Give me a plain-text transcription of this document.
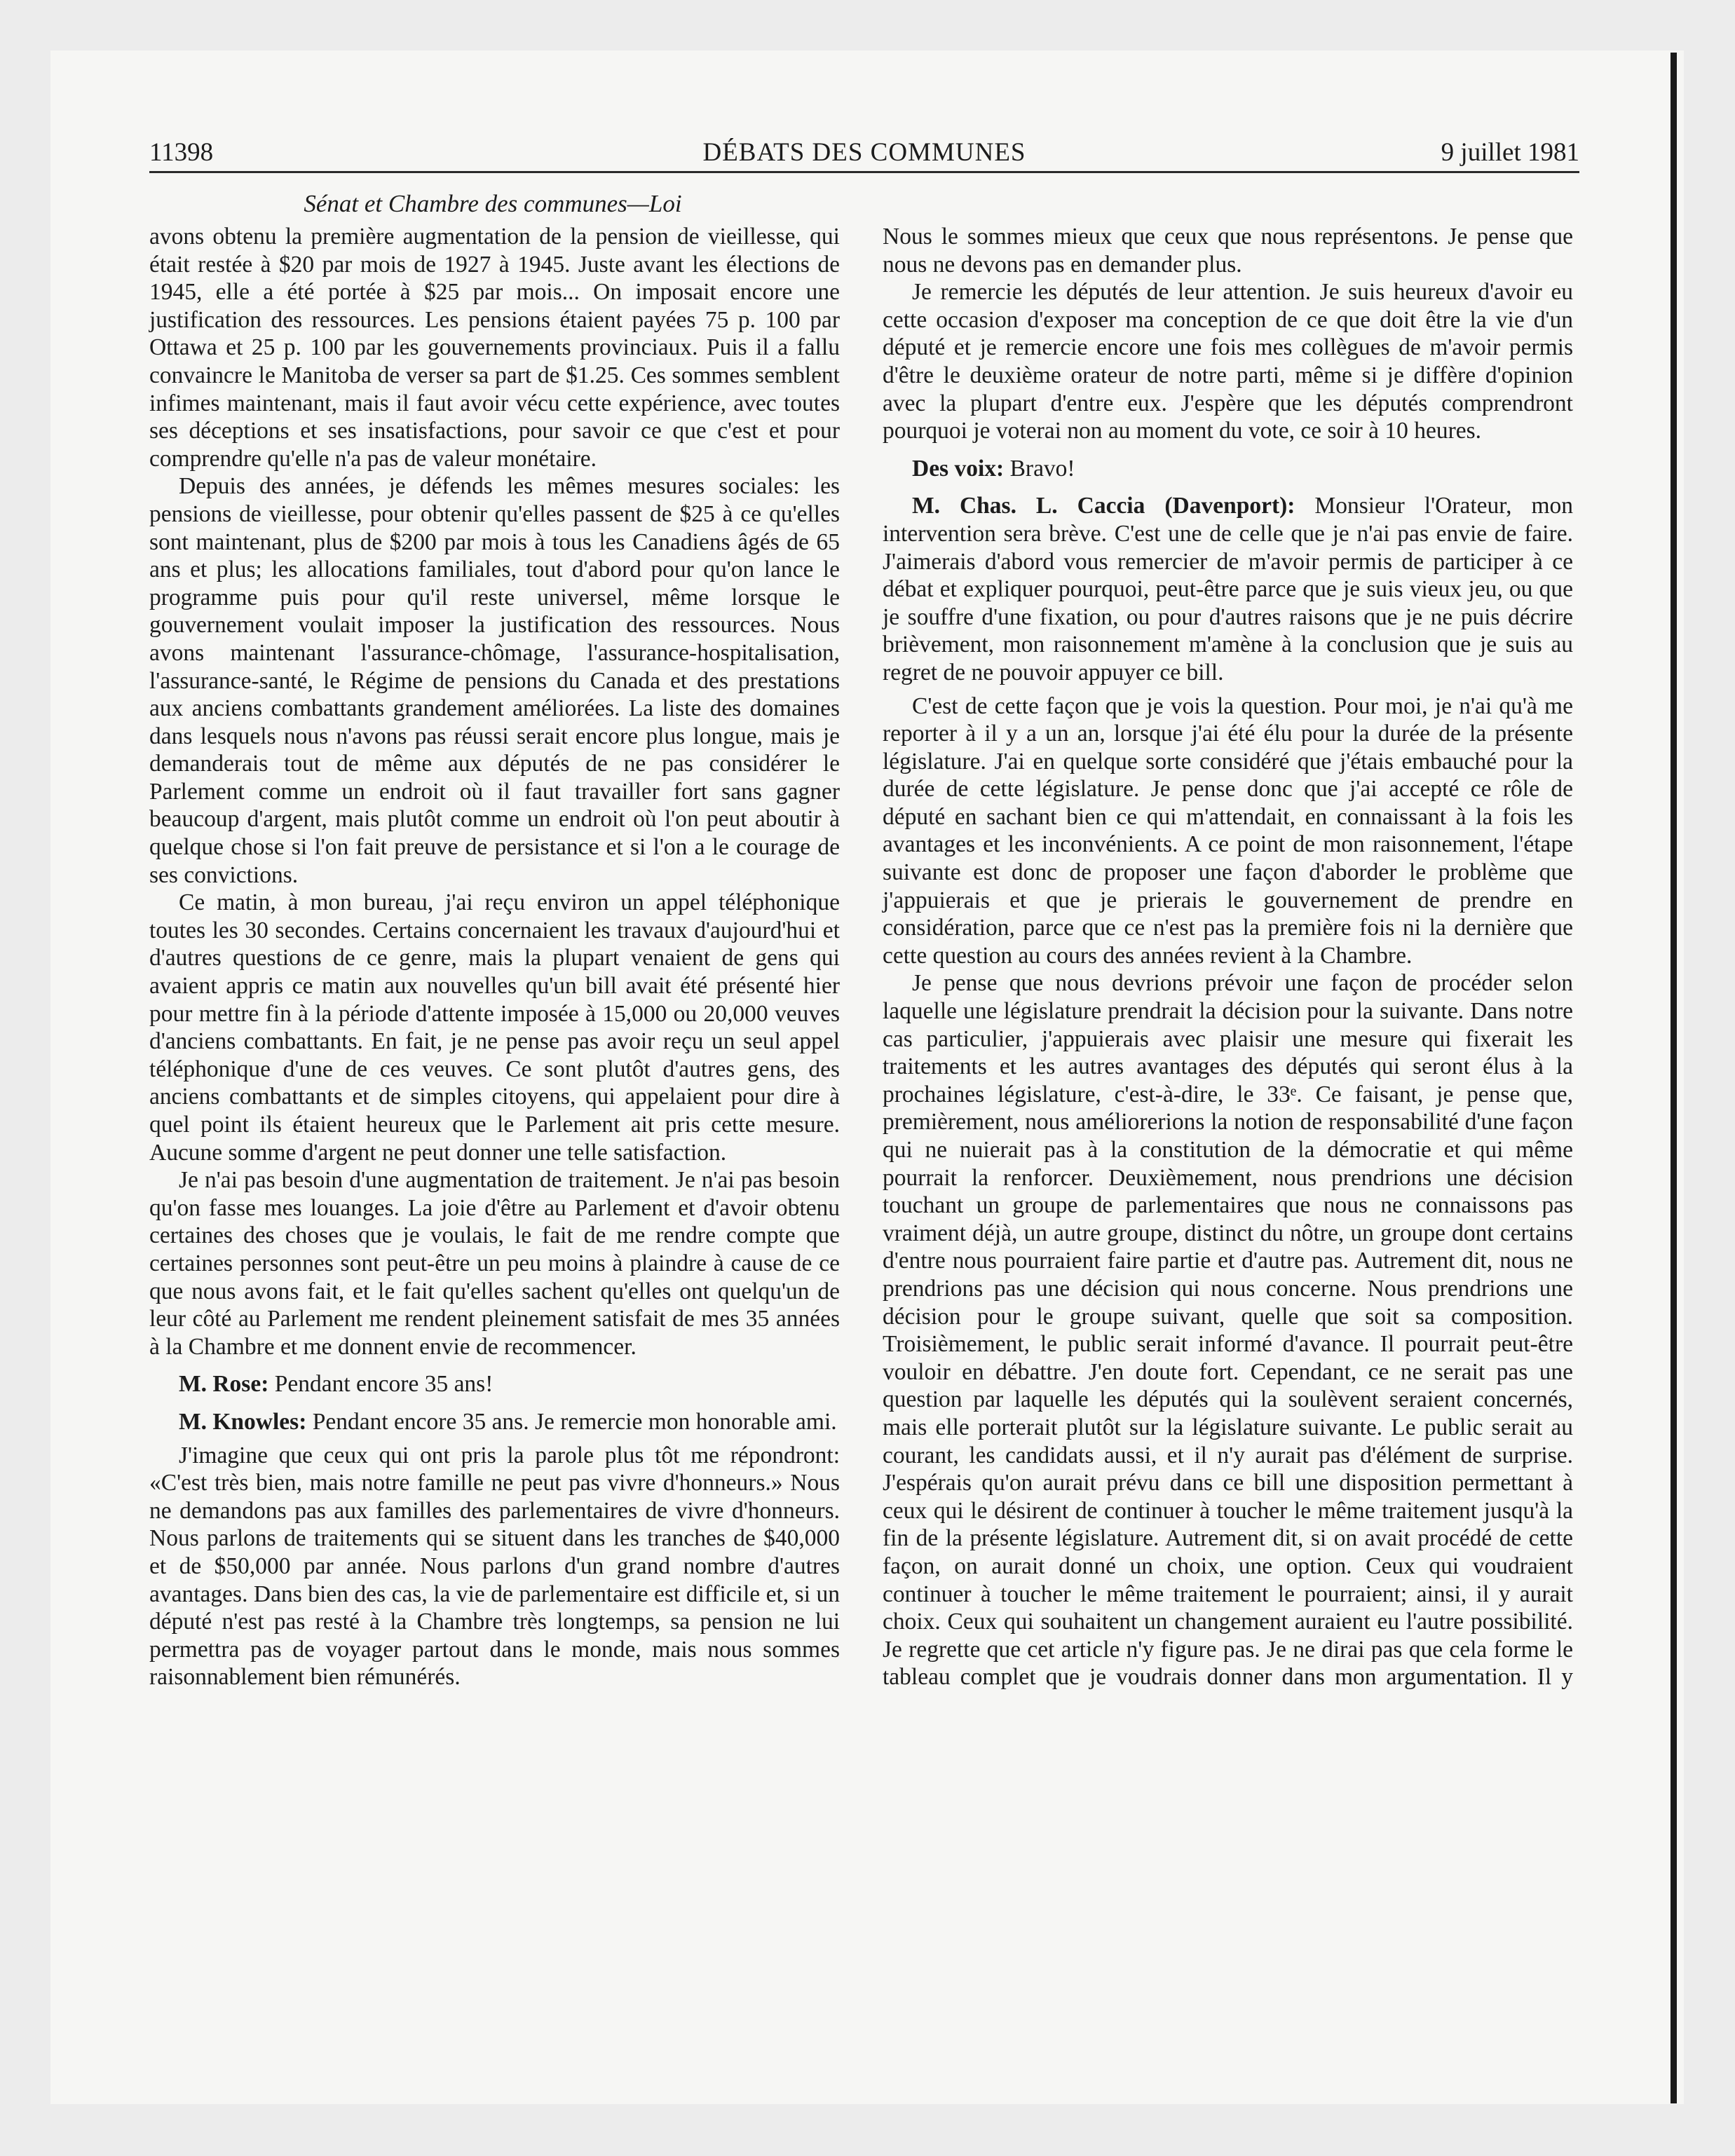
11398	DÉBATS DES COMMUNES	9 juillet 1981
Sénat et Chambre des communes—Loi

avons obtenu la première augmentation de la pension de vieillesse, qui était restée à $20 par mois de 1927 à 1945. Juste avant les élections de 1945, elle a été portée à $25 par mois... On imposait encore une justification des ressources. Les pensions étaient payées 75 p. 100 par Ottawa et 25 p. 100 par les gouvernements provinciaux. Puis il a fallu convaincre le Manitoba de verser sa part de $1.25. Ces sommes semblent infimes maintenant, mais il faut avoir vécu cette expérience, avec toutes ses déceptions et ses insatisfactions, pour savoir ce que c'est et pour comprendre qu'elle n'a pas de valeur monétaire.

Depuis des années, je défends les mêmes mesures sociales: les pensions de vieillesse, pour obtenir qu'elles passent de $25 à ce qu'elles sont maintenant, plus de $200 par mois à tous les Canadiens âgés de 65 ans et plus; les allocations familiales, tout d'abord pour qu'on lance le programme puis pour qu'il reste universel, même lorsque le gouvernement voulait imposer la justification des ressources. Nous avons maintenant l'assurance-chômage, l'assurance-hospitalisation, l'assurance-santé, le Régime de pensions du Canada et des prestations aux anciens combattants grandement améliorées. La liste des domaines dans lesquels nous n'avons pas réussi serait encore plus longue, mais je demanderais tout de même aux députés de ne pas considérer le Parlement comme un endroit où il faut travailler fort sans gagner beaucoup d'argent, mais plutôt comme un endroit où l'on peut aboutir à quelque chose si l'on fait preuve de persistance et si l'on a le courage de ses convictions.

Ce matin, à mon bureau, j'ai reçu environ un appel téléphonique toutes les 30 secondes. Certains concernaient les travaux d'aujourd'hui et d'autres questions de ce genre, mais la plupart venaient de gens qui avaient appris ce matin aux nouvelles qu'un bill avait été présenté hier pour mettre fin à la période d'attente imposée à 15,000 ou 20,000 veuves d'anciens combattants. En fait, je ne pense pas avoir reçu un seul appel téléphonique d'une de ces veuves. Ce sont plutôt d'autres gens, des anciens combattants et de simples citoyens, qui appelaient pour dire à quel point ils étaient heureux que le Parlement ait pris cette mesure. Aucune somme d'argent ne peut donner une telle satisfaction.

Je n'ai pas besoin d'une augmentation de traitement. Je n'ai pas besoin qu'on fasse mes louanges. La joie d'être au Parlement et d'avoir obtenu certaines des choses que je voulais, le fait de me rendre compte que certaines personnes sont peut-être un peu moins à plaindre à cause de ce que nous avons fait, et le fait qu'elles sachent qu'elles ont quelqu'un de leur côté au Parlement me rendent pleinement satisfait de mes 35 années à la Chambre et me donnent envie de recommencer.

M. Rose: Pendant encore 35 ans!

M. Knowles: Pendant encore 35 ans. Je remercie mon honorable ami.

J'imagine que ceux qui ont pris la parole plus tôt me répondront: «C'est très bien, mais notre famille ne peut pas vivre d'honneurs.» Nous ne demandons pas aux familles des parlementaires de vivre d'honneurs. Nous parlons de traitements qui se situent dans les tranches de $40,000 et de $50,000 par année. Nous parlons d'un grand nombre d'autres avantages. Dans bien des cas, la vie de parlementaire est difficile et, si un député n'est pas resté à la Chambre très longtemps, sa pension ne lui permettra pas de voyager partout dans le monde, mais nous sommes raisonnablement bien rémunérés.

Nous le sommes mieux que ceux que nous représentons. Je pense que nous ne devons pas en demander plus.

Je remercie les députés de leur attention. Je suis heureux d'avoir eu cette occasion d'exposer ma conception de ce que doit être la vie d'un député et je remercie encore une fois mes collègues de m'avoir permis d'être le deuxième orateur de notre parti, même si je diffère d'opinion avec la plupart d'entre eux. J'espère que les députés comprendront pourquoi je voterai non au moment du vote, ce soir à 10 heures.

Des voix: Bravo!

M. Chas. L. Caccia (Davenport): Monsieur l'Orateur, mon intervention sera brève. C'est une de celle que je n'ai pas envie de faire. J'aimerais d'abord vous remercier de m'avoir permis de participer à ce débat et expliquer pourquoi, peut-être parce que je suis vieux jeu, ou que je souffre d'une fixation, ou pour d'autres raisons que je ne puis décrire brièvement, mon raisonnement m'amène à la conclusion que je suis au regret de ne pouvoir appuyer ce bill.

C'est de cette façon que je vois la question. Pour moi, je n'ai qu'à me reporter à il y a un an, lorsque j'ai été élu pour la durée de la présente législature. J'ai en quelque sorte considéré que j'étais embauché pour la durée de cette législature. Je pense donc que j'ai accepté ce rôle de député en sachant bien ce qui m'attendait, en connaissant à la fois les avantages et les inconvénients. A ce point de mon raisonnement, l'étape suivante est donc de proposer une façon d'aborder le problème que j'appuierais et que je prierais le gouvernement de prendre en considération, parce que ce n'est pas la première fois ni la dernière que cette question au cours des années revient à la Chambre.

Je pense que nous devrions prévoir une façon de procéder selon laquelle une législature prendrait la décision pour la suivante. Dans notre cas particulier, j'appuierais avec plaisir une mesure qui fixerait les traitements et les autres avantages des députés qui seront élus à la prochaines législature, c'est-à-dire, le 33ᵉ. Ce faisant, je pense que, premièrement, nous améliorerions la notion de responsabilité d'une façon qui ne nuierait pas à la constitution de la démocratie et qui même pourrait la renforcer. Deuxièmement, nous prendrions une décision touchant un groupe de parlementaires que nous ne connaissons pas vraiment déjà, un autre groupe, distinct du nôtre, un groupe dont certains d'entre nous pourraient faire partie et d'autre pas. Autrement dit, nous ne prendrions pas une décision qui nous concerne. Nous prendrions une décision pour le groupe suivant, quelle que soit sa composition. Troisièmement, le public serait informé d'avance. Il pourrait peut-être vouloir en débattre. J'en doute fort. Cependant, ce ne serait pas une question par laquelle les députés qui la soulèvent seraient concernés, mais elle porterait plutôt sur la législature suivante. Le public serait au courant, les candidats aussi, et il n'y aurait pas d'élément de surprise. J'espérais qu'on aurait prévu dans ce bill une disposition permettant à ceux qui le désirent de continuer à toucher le même traitement jusqu'à la fin de la présente législature. Autrement dit, si on avait procédé de cette façon, on aurait donné un choix, une option. Ceux qui voudraient continuer à toucher le même traitement le pourraient; ainsi, il y aurait choix. Ceux qui souhaitent un changement auraient eu l'autre possibilité. Je regrette que cet article n'y figure pas. Je ne dirai pas que cela forme le tableau complet que je voudrais donner dans mon argumentation. Il y
